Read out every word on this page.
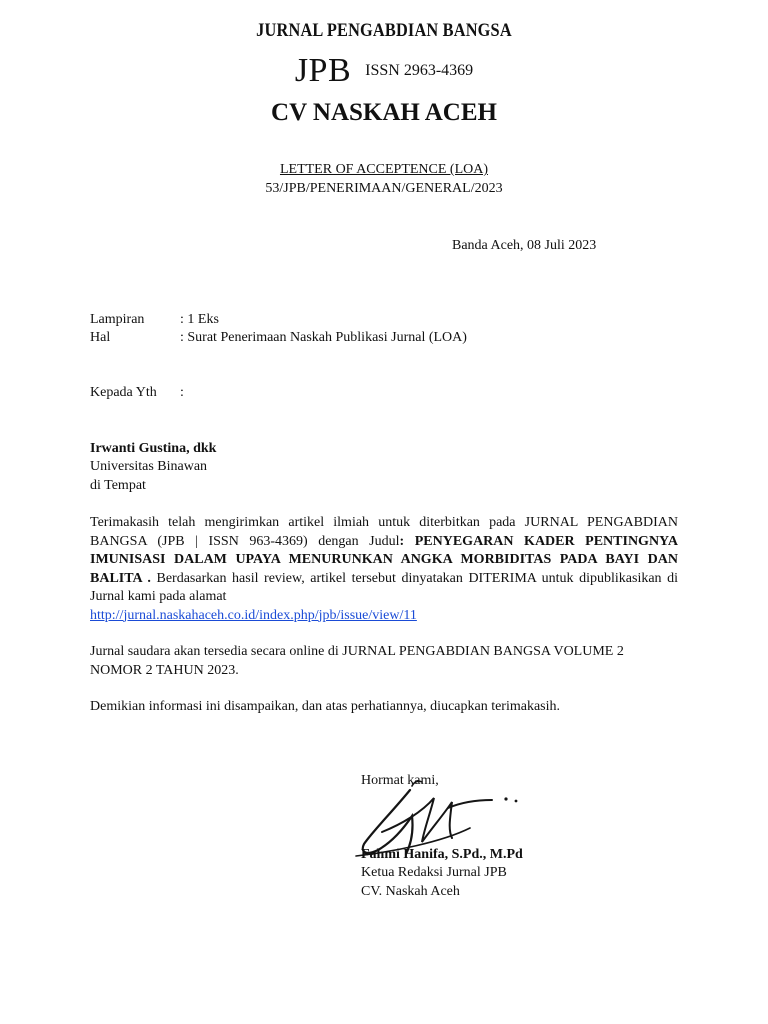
JURNAL PENGABDIAN BANGSA
JPB ISSN 2963-4369
CV NASKAH ACEH
LETTER OF ACCEPTENCE (LOA)
53/JPB/PENERIMAAN/GENERAL/2023
Banda Aceh, 08 Juli 2023
Lampiran	: 1 Eks
Hal	: Surat Penerimaan Naskah Publikasi Jurnal (LOA)
Kepada Yth :
Irwanti Gustina, dkk
Universitas Binawan
di Tempat
Terimakasih telah mengirimkan artikel ilmiah untuk diterbitkan pada JURNAL PENGABDIAN BANGSA (JPB | ISSN 963-4369) dengan Judul: PENYEGARAN KADER PENTINGNYA IMUNISASI DALAM UPAYA MENURUNKAN ANGKA MORBIDITAS PADA BAYI DAN BALITA . Berdasarkan hasil review, artikel tersebut dinyatakan DITERIMA untuk dipublikasikan di Jurnal kami pada alamat
http://jurnal.naskahaceh.co.id/index.php/jpb/issue/view/11
Jurnal saudara akan tersedia secara online di JURNAL PENGABDIAN BANGSA VOLUME 2 NOMOR 2 TAHUN 2023.
Demikian informasi ini disampaikan, dan atas perhatiannya, diucapkan terimakasih.
Hormat kami,
Fahmi Hanifa, S.Pd., M.Pd
Ketua Redaksi Jurnal JPB
CV. Naskah Aceh
